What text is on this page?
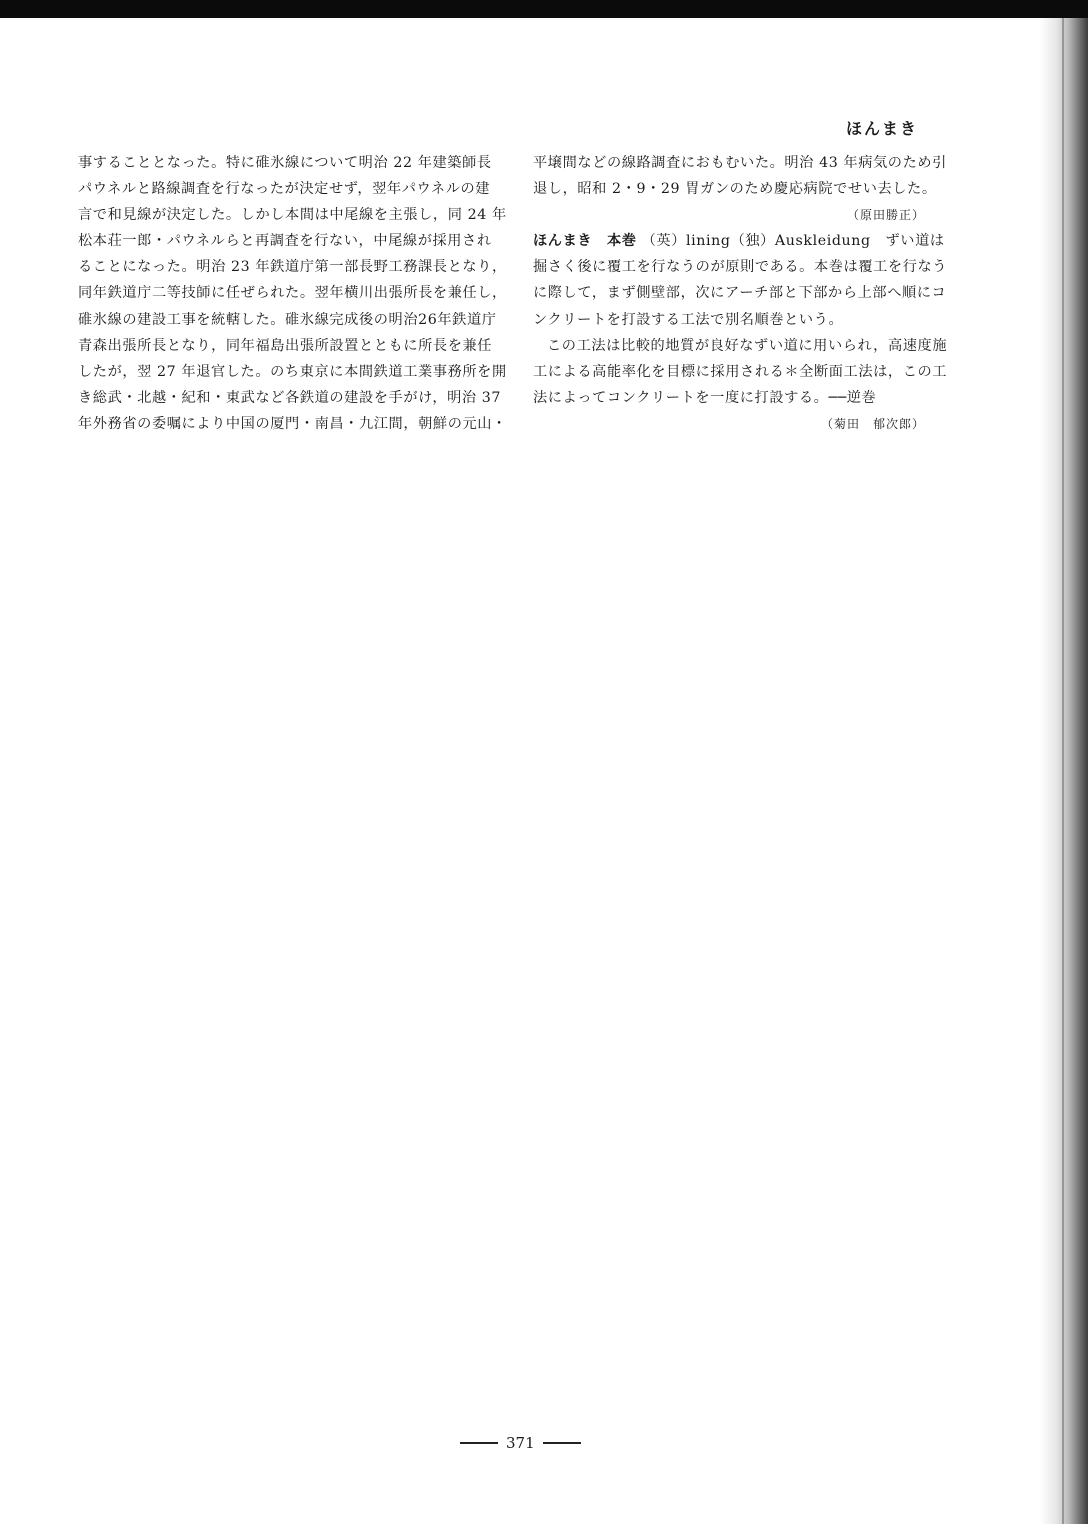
ほんまき
事することとなった。特に碓氷線について明治 22 年建築師長
パウネルと路線調査を行なったが決定せず，翌年パウネルの建
言で和見線が決定した。しかし本間は中尾線を主張し，同 24 年
松本荘一郎・パウネルらと再調査を行ない，中尾線が採用され
ることになった。明治 23 年鉄道庁第一部長野工務課長となり，
同年鉄道庁二等技師に任ぜられた。翌年横川出張所長を兼任し，
碓氷線の建設工事を統轄した。碓氷線完成後の明治26年鉄道庁
青森出張所長となり，同年福島出張所設置とともに所長を兼任
したが，翌 27 年退官した。のち東京に本間鉄道工業事務所を開
き総武・北越・紀和・東武など各鉄道の建設を手がけ，明治 37
年外務省の委嘱により中国の厦門・南昌・九江間，朝鮮の元山・
平壌間などの線路調査におもむいた。明治 43 年病気のため引
退し，昭和 2・9・29 胃ガンのため慶応病院でせい去した。
（原田勝正）
ほんまき　本巻 （英）lining（独）Auskleidung　ずい道は
掘さく後に覆工を行なうのが原則である。本巻は覆工を行なう
に際して，まず側壁部，次にアーチ部と下部から上部へ順にコ
ンクリートを打設する工法で別名順巻という。
この工法は比較的地質が良好なずい道に用いられ，高速度施
工による高能率化を目標に採用される＊全断面工法は，この工
法によってコンクリートを一度に打設する。──逆巻
（菊田　郁次郎）
371
